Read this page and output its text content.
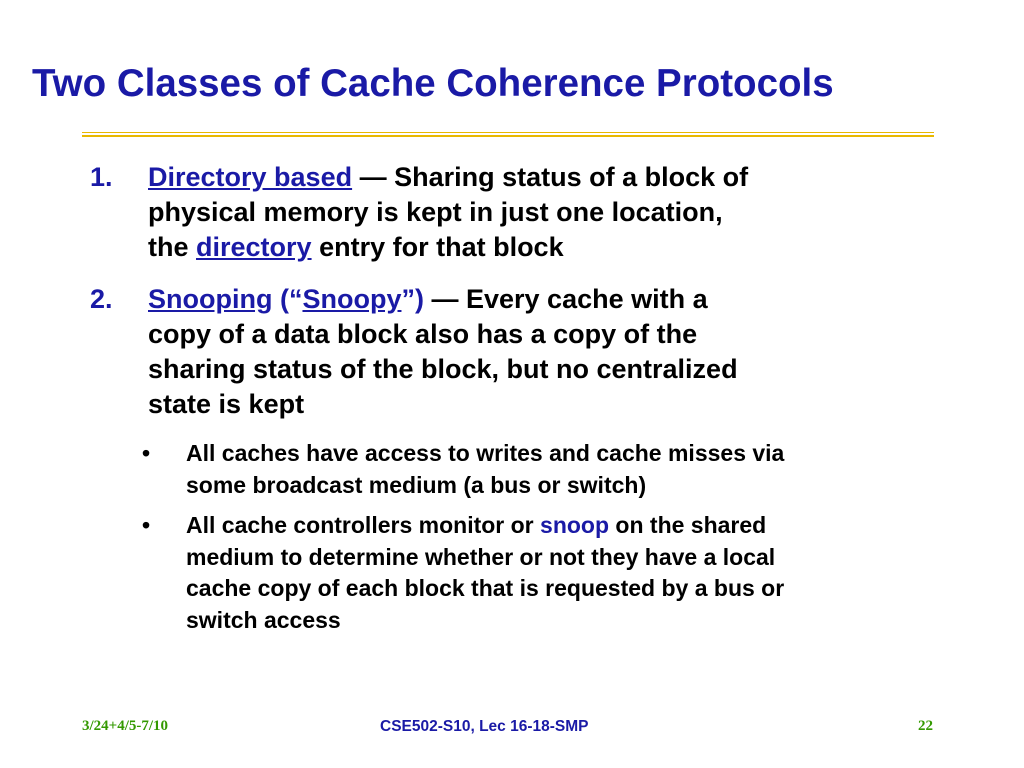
Two Classes of Cache Coherence Protocols
1.	Directory based — Sharing status of a block of
physical memory is kept in just one location,
the directory entry for that block
2.	Snooping (“Snoopy”) — Every cache with a
copy of a data block also has a copy of the
sharing status of the block, but no centralized
state is kept
• All caches have access to writes and cache misses via
some broadcast medium (a bus or switch)
• All cache controllers monitor or snoop on the shared
medium to determine whether or not they have a local
cache copy of each block that is requested by a bus or
switch access
3/24+4/5-7/10	CSE502-S10, Lec 16-18-SMP	22
